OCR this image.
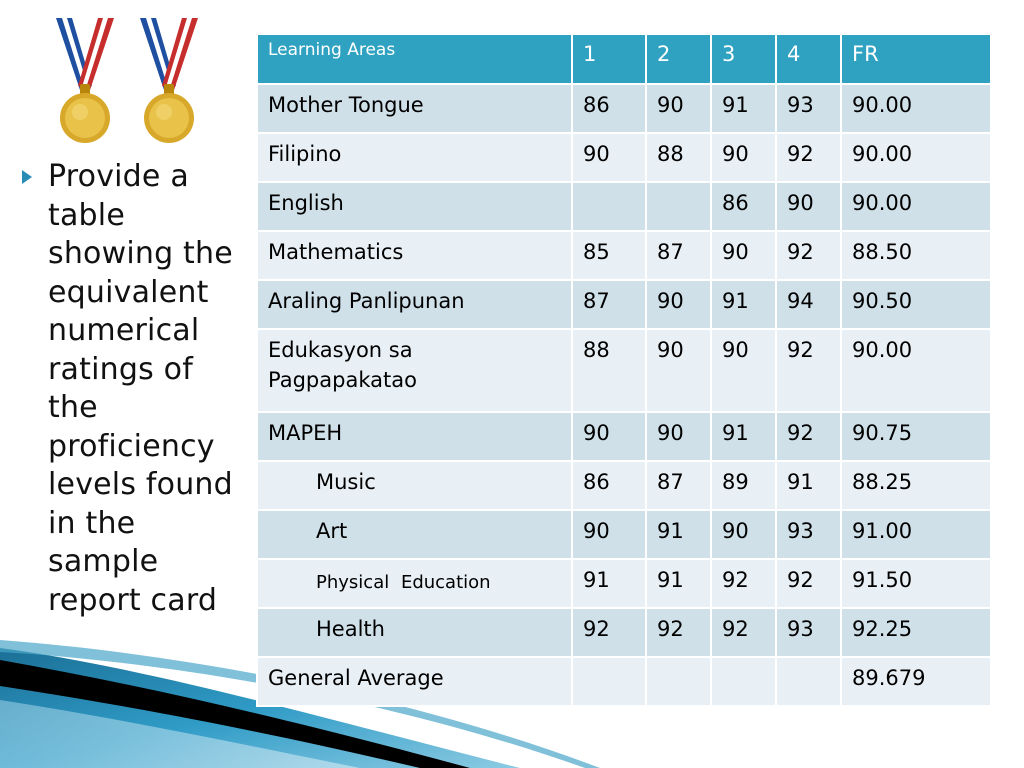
Provide a table showing the equivalent numerical ratings of the proficiency levels found in the sample report card
Learning Areas	1	2	3	4	FR
Mother Tongue	86	90	91	93	90.00
Filipino	90	88	90	92	90.00
English			86	90	90.00
Mathematics	85	87	90	92	88.50
Araling Panlipunan	87	90	91	94	90.50
Edukasyon sa Pagpapakatao	88	90	90	92	90.00
MAPEH	90	90	91	92	90.75
Music	86	87	89	91	88.25
Art	90	91	90	93	91.00
Physical Education	91	91	92	92	91.50
Health	92	92	92	93	92.25
General Average					89.679
